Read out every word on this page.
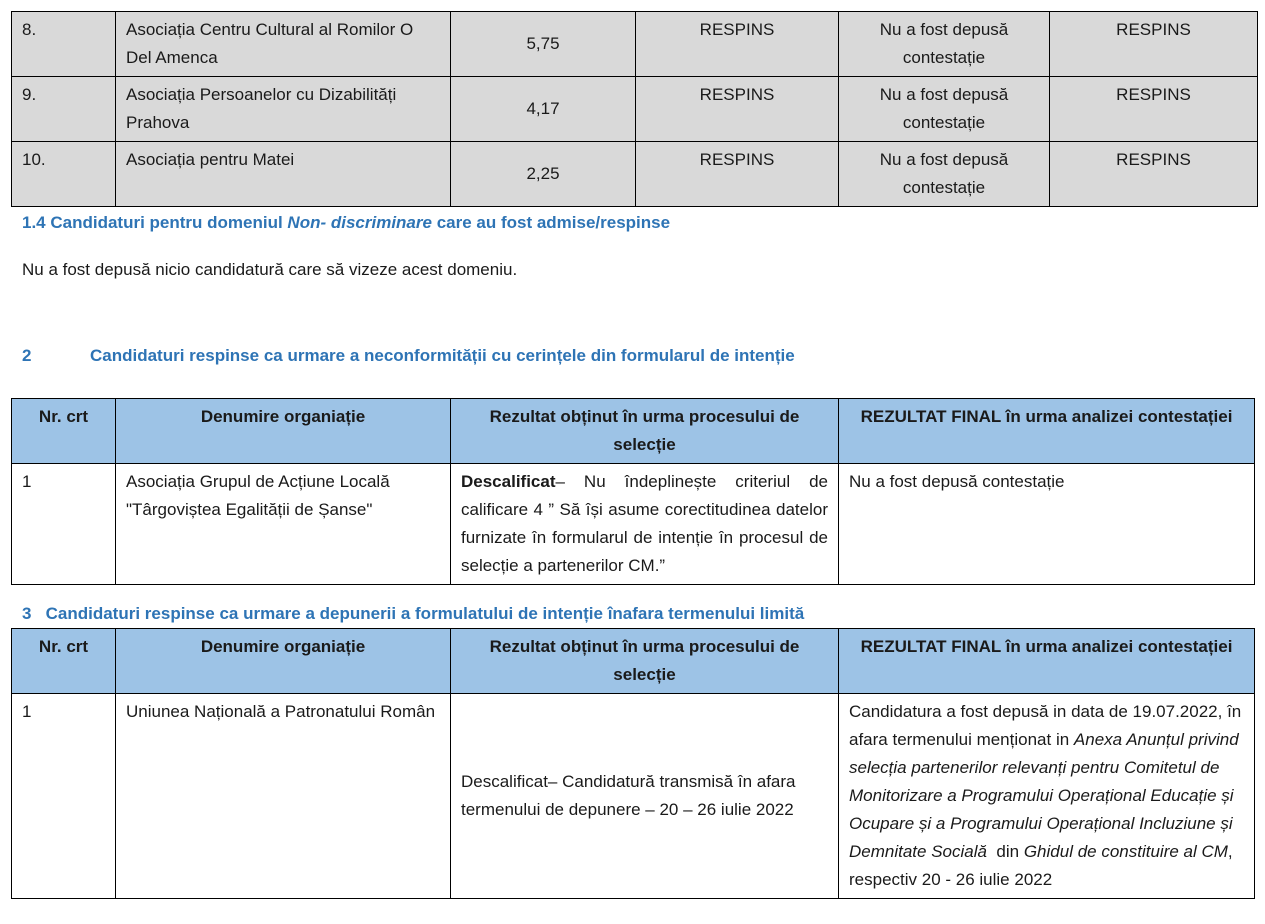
8.	Asociația Centru Cultural al Romilor O Del Amenca	5,75	RESPINS	Nu a fost depusă contestație	RESPINS
9.	Asociația Persoanelor cu Dizabilități Prahova	4,17	RESPINS	Nu a fost depusă contestație	RESPINS
10.	Asociația pentru Matei	2,25	RESPINS	Nu a fost depusă contestație	RESPINS
1.4 Candidaturi pentru domeniul Non- discriminare care au fost admise/respinse
Nu a fost depusă nicio candidatură care să vizeze acest domeniu.
2	Candidaturi respinse ca urmare a neconformității cu cerințele din formularul de intenție
Nr. crt	Denumire organiație	Rezultat obținut în urma procesului de selecție	REZULTAT FINAL în urma analizei contestației
1	Asociația Grupul de Acțiune Locală "Târgoviștea Egalității de Șanse"	Descalificat– Nu îndeplinește criteriul de calificare 4 ” Să își asume corectitudinea datelor furnizate în formularul de intenție în procesul de selecție a partenerilor CM.”	Nu a fost depusă contestație
3   Candidaturi respinse ca urmare a depunerii a formulatului de intenție înafara termenului limită
Nr. crt	Denumire organiație	Rezultat obținut în urma procesului de selecție	REZULTAT FINAL în urma analizei contestației
1	Uniunea Națională a Patronatului Român	Descalificat– Candidatură transmisă în afara termenului de depunere – 20 – 26 iulie 2022	Candidatura a fost depusă in data de 19.07.2022, în afara termenului menționat in Anexa Anunțul privind selecția partenerilor relevanți pentru Comitetul de Monitorizare a Programului Operațional Educație și Ocupare și a Programului Operațional Incluziune și Demnitate Socială  din Ghidul de constituire al CM, respectiv 20 - 26 iulie 2022
